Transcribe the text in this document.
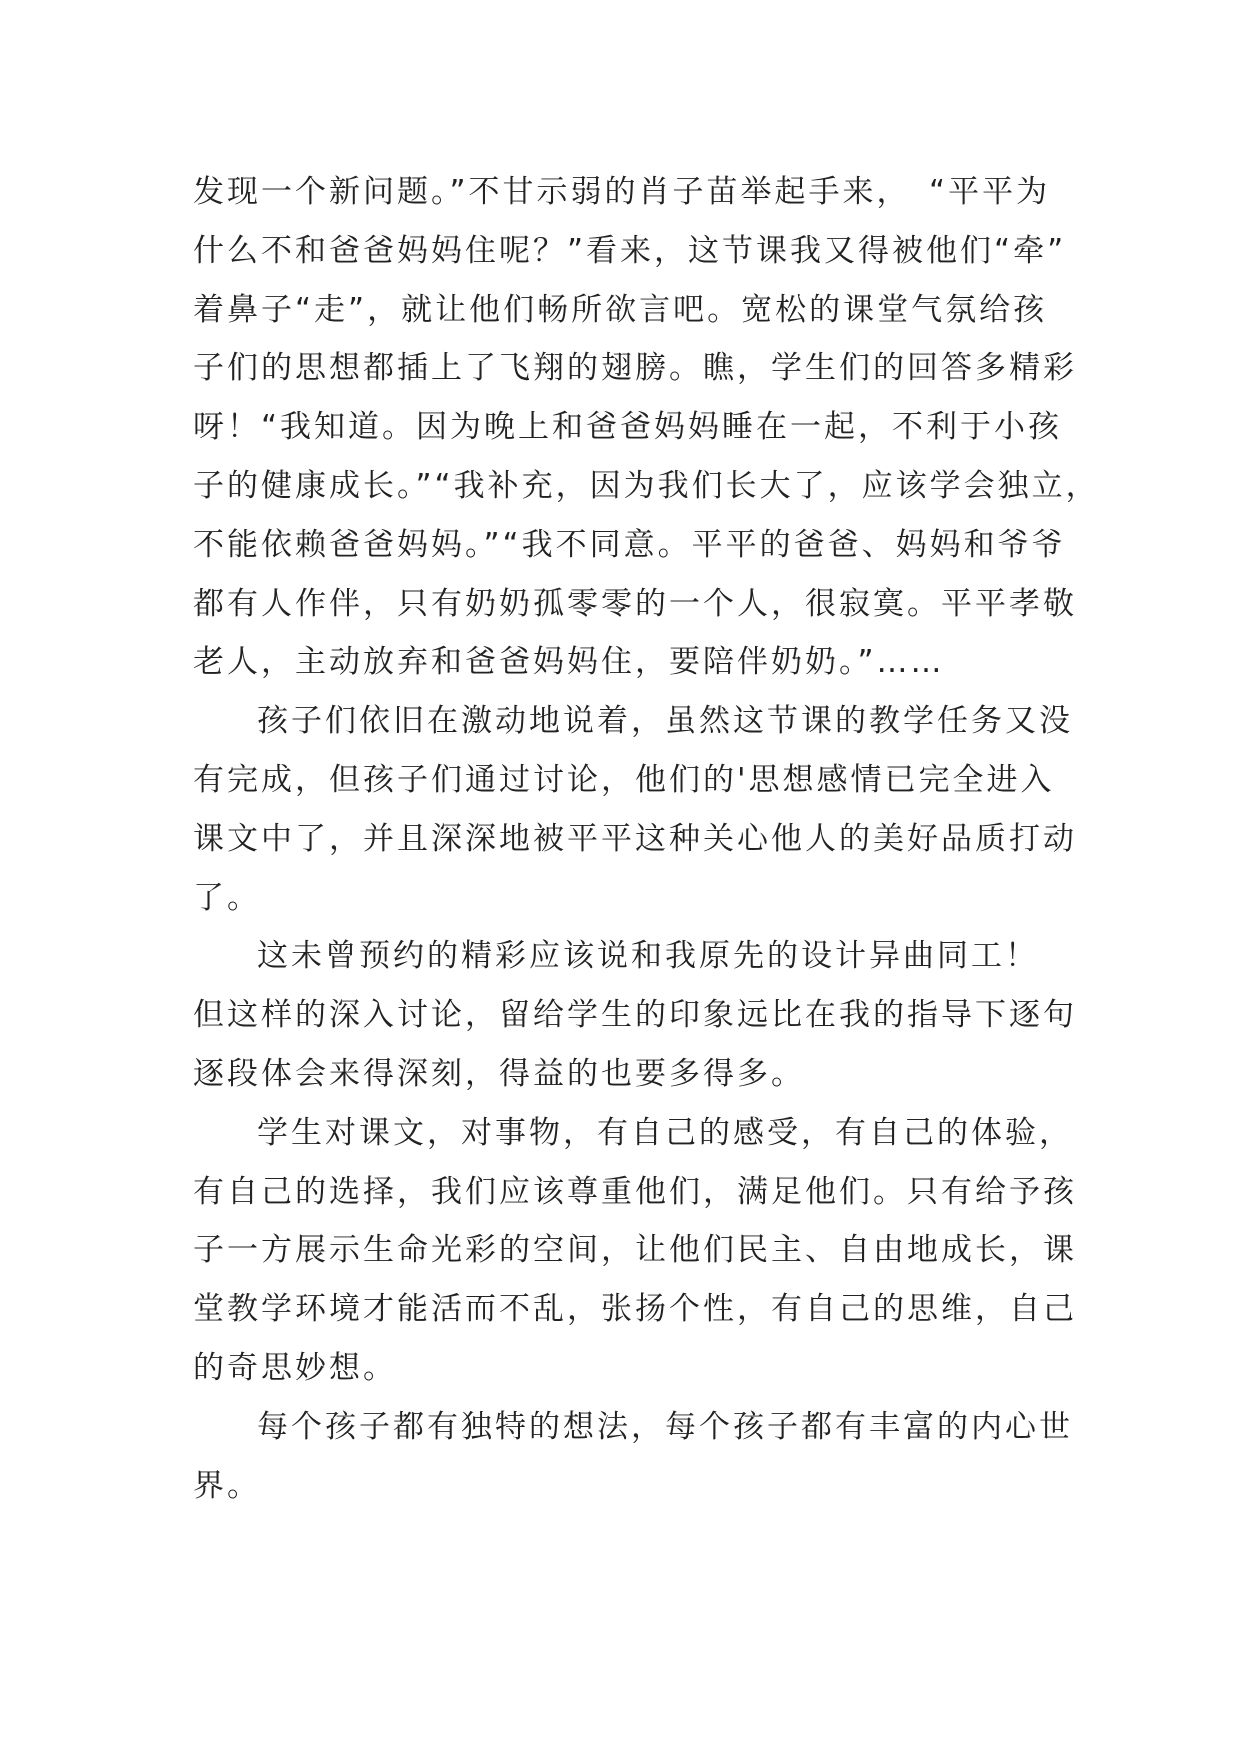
发现一个新问题。”不甘示弱的肖子苗举起手来，　“平平为
什么不和爸爸妈妈住呢？”看来，这节课我又得被他们“牵”
着鼻子“走”，就让他们畅所欲言吧。宽松的课堂气氛给孩
子们的思想都插上了飞翔的翅膀。瞧，学生们的回答多精彩
呀！“我知道。因为晚上和爸爸妈妈睡在一起，不利于小孩
子的健康成长。”“我补充，因为我们长大了，应该学会独立，
不能依赖爸爸妈妈。”“我不同意。平平的爸爸、妈妈和爷爷
都有人作伴，只有奶奶孤零零的一个人，很寂寞。平平孝敬
老人，主动放弃和爸爸妈妈住，要陪伴奶奶。”……
孩子们依旧在激动地说着，虽然这节课的教学任务又没
有完成，但孩子们通过讨论，他们的'思想感情已完全进入
课文中了，并且深深地被平平这种关心他人的美好品质打动
了。
这未曾预约的精彩应该说和我原先的设计异曲同工！
但这样的深入讨论，留给学生的印象远比在我的指导下逐句
逐段体会来得深刻，得益的也要多得多。
学生对课文，对事物，有自己的感受，有自己的体验，
有自己的选择，我们应该尊重他们，满足他们。只有给予孩
子一方展示生命光彩的空间，让他们民主、自由地成长，课
堂教学环境才能活而不乱，张扬个性，有自己的思维，自己
的奇思妙想。
每个孩子都有独特的想法，每个孩子都有丰富的内心世
界。
